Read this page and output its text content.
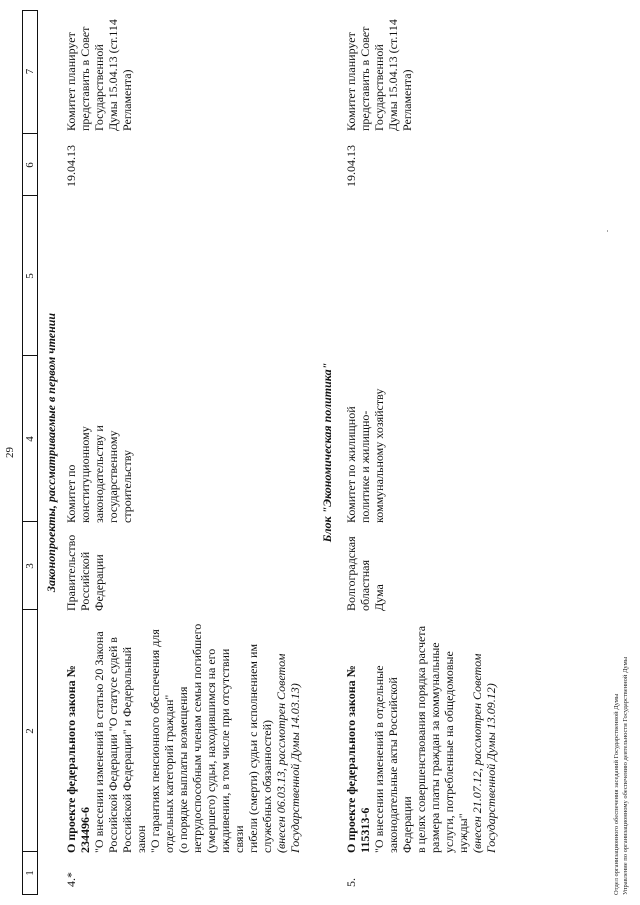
29
1
2
3
4
5
6
7
Законопроекты, рассматриваемые в первом чтении
4.*
О проекте федерального закона № 234496-6 "О внесении изменений в статью 20 Закона Российской Федерации "О статусе судей в Российской Федерации" и Федеральный закон "О гарантиях пенсионного обеспечения для отдельных категорий граждан" (о порядке выплаты возмещения нетрудоспособным членам семьи погибшего (умершего) судьи, находившимся на его иждивении, в том числе при отсутствии связи гибели (смерти) судьи с исполнением им служебных обязанностей) (внесен 06.03.13, рассмотрен Советом Государственной Думы 14.03.13)
Правительство Российской Федерации
Комитет по конституционному законодательству и государственному строительству
19.04.13
Комитет планирует представить в Совет Государственной Думы 15.04.13 (ст.114 Регламента)
Блок "Экономическая политика"
5.
О проекте федерального закона № 115313-6 "О внесении изменений в отдельные законодательные акты Российской Федерации в целях совершенствования порядка расчета размера платы граждан за коммунальные услуги, потребленные на общедомовые нужды" (внесен 21.07.12, рассмотрен Советом Государственной Думы 13.09.12)
Волгоградская областная Дума
Комитет по жилищной политике и жилищно-коммунальному хозяйству
19.04.13
Комитет планирует представить в Совет Государственной Думы 15.04.13 (ст.114 Регламента)
.
Отдел организационного обеспечения заседаний Государственной Думы Управление по организационному обеспечению деятельности Государственной Думы
